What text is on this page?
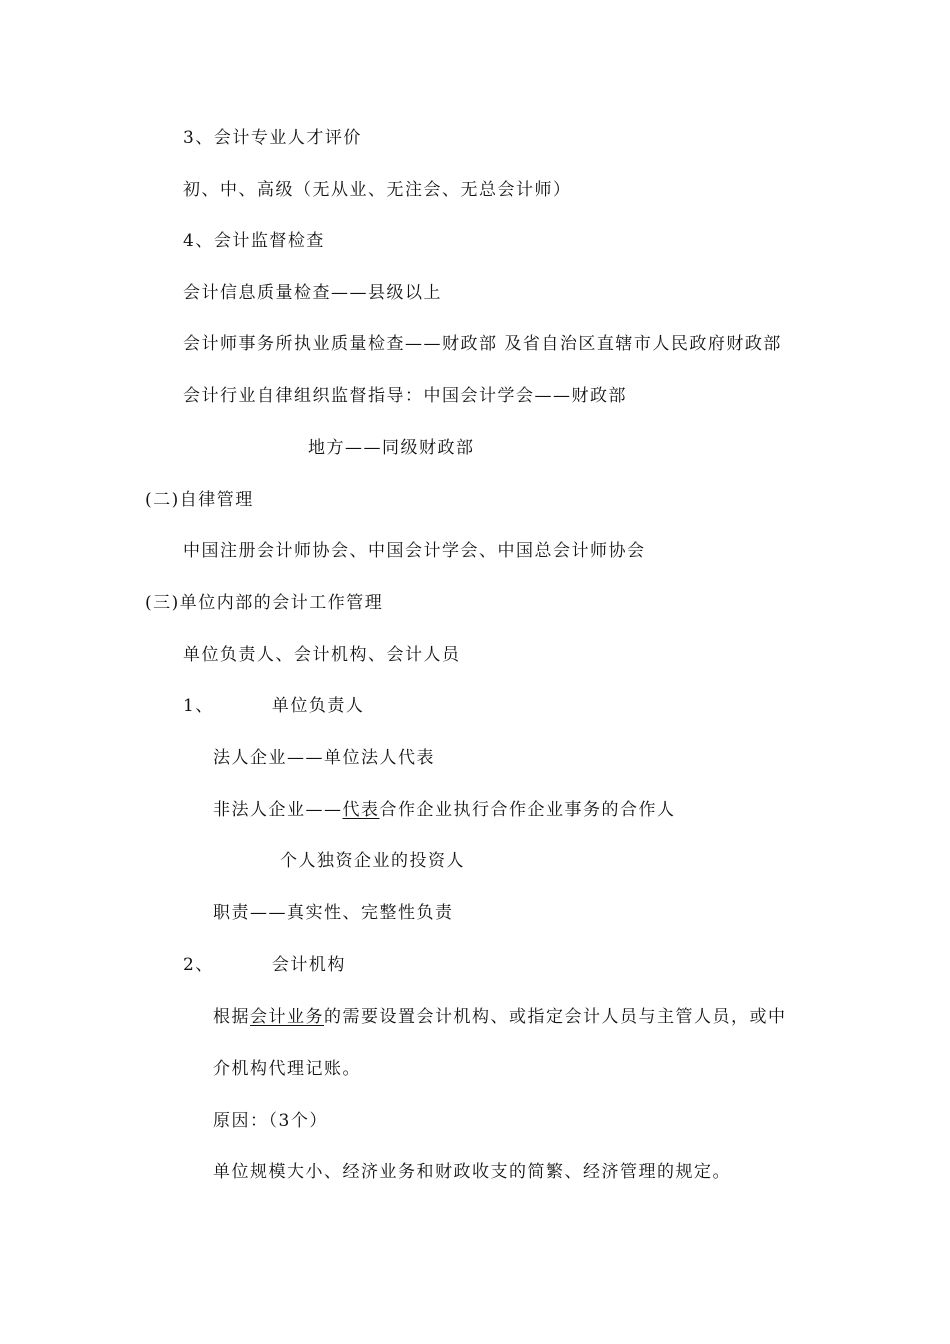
3、会计专业人才评价
初、中、高级（无从业、无注会、无总会计师）
4、会计监督检查
会计信息质量检查——县级以上
会计师事务所执业质量检查——财政部 及省自治区直辖市人民政府财政部
会计行业自律组织监督指导：中国会计学会——财政部
地方——同级财政部
(二)自律管理
中国注册会计师协会、中国会计学会、中国总会计师协会
(三)单位内部的会计工作管理
单位负责人、会计机构、会计人员
1、	单位负责人
法人企业——单位法人代表
非法人企业——代表合作企业执行合作企业事务的合作人
个人独资企业的投资人
职责——真实性、完整性负责
2、	会计机构
根据会计业务的需要设置会计机构、或指定会计人员与主管人员，或中
介机构代理记账。
原因：（3个）
单位规模大小、经济业务和财政收支的简繁、经济管理的规定。
